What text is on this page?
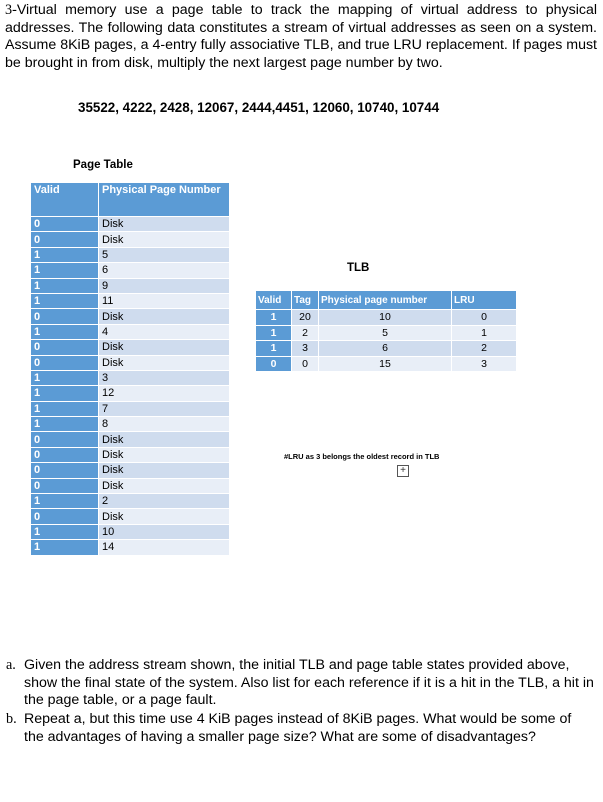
3-Virtual memory use a page table to track the mapping of virtual address to physical addresses. The following data constitutes a stream of virtual addresses as seen on a system. Assume 8KiB pages, a 4-entry fully associative TLB, and true LRU replacement. If pages must be brought in from disk, multiply the next largest page number by two.
35522, 4222, 2428, 12067, 2444,4451, 12060, 10740, 10744
Page Table
Valid	Physical Page Number
0	Disk
0	Disk
1	5
1	6
1	9
1	11
0	Disk
1	4
0	Disk
0	Disk
1	3
1	12
1	7
1	8
0	Disk
0	Disk
0	Disk
0	Disk
1	2
0	Disk
1	10
1	14
TLB
Valid	Tag	Physical page number	LRU
1	20	10	0
1	2	5	1
1	3	6	2
0	0	15	3
#LRU as 3 belongs the oldest record in TLB
+
a. Given the address stream shown, the initial TLB and page table states provided above, show the final state of the system. Also list for each reference if it is a hit in the TLB, a hit in the page table, or a page fault.
b. Repeat a, but this time use 4 KiB pages instead of 8KiB pages. What would be some of the advantages of having a smaller page size? What are some of disadvantages?
